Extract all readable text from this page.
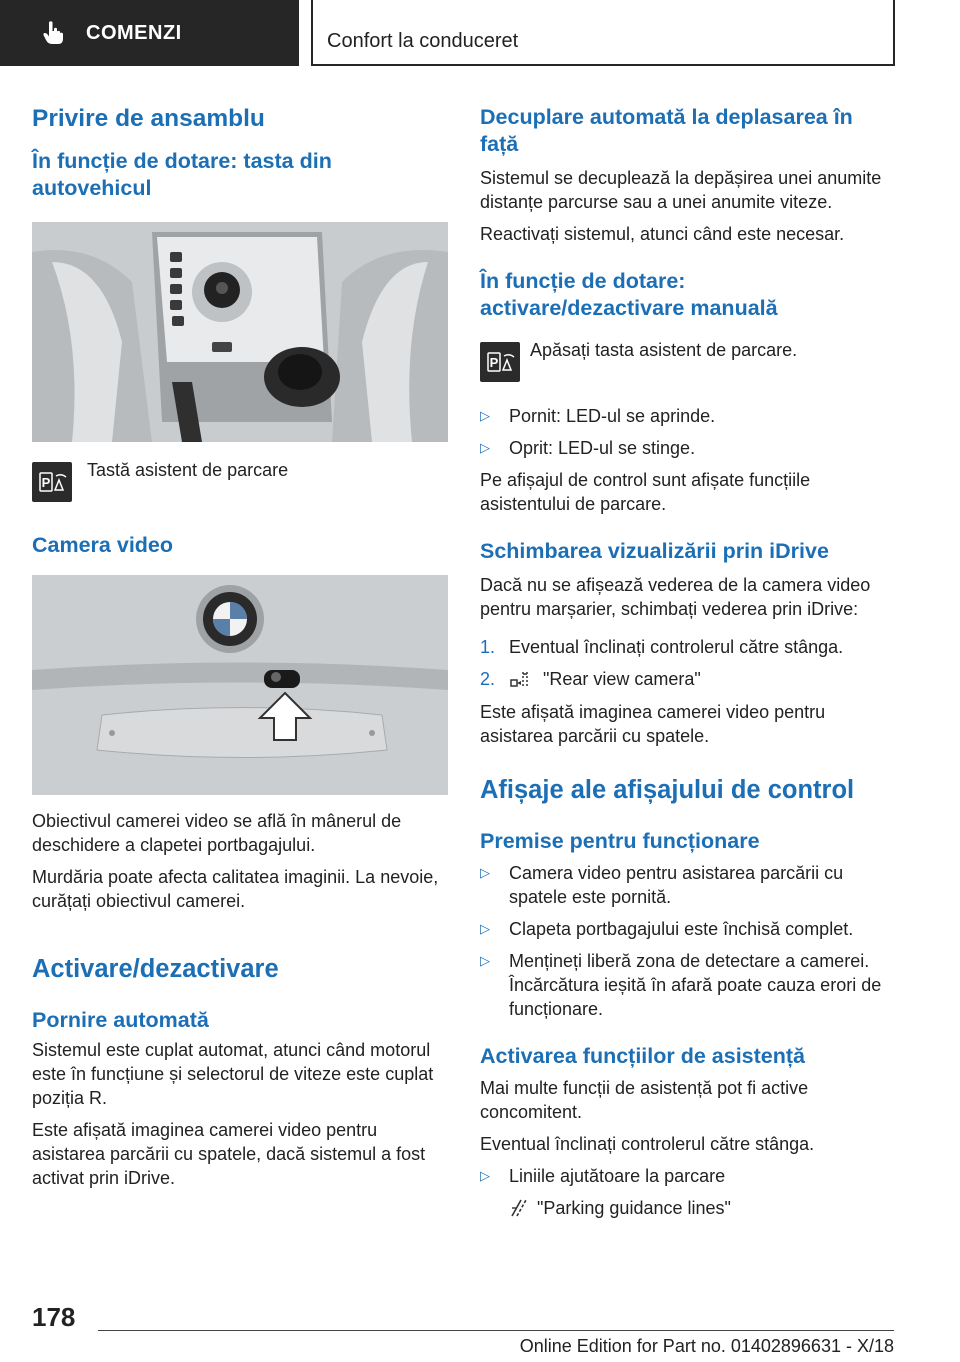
COMENZI	Confort la conduceret
Privire de ansamblu
În funcție de dotare: tasta din autovehicul
P

Tastă asistent de parcare

Camera video

Obiectivul camerei video se află în mânerul de deschidere a clapetei portbagajului.

Murdăria poate afecta calitatea imaginii. La nevoie, curățați obiectivul camerei.

Activare/dezactivare
Pornire automată

Sistemul este cuplat automat, atunci când motorul este în funcțiune și selectorul de viteze este cuplat poziția R.

Este afișată imaginea camerei video pentru asistarea parcării cu spatele, dacă sistemul a fost activat prin iDrive.

Decuplare automată la deplasarea în față

Sistemul se decuplează la depășirea unei anumite distanțe parcurse sau a unei anumite viteze.

Reactivați sistemul, atunci când este necesar.

În funcție de dotare: activare/dezactivare manuală
P

Apăsați tasta asistent de parcare.

▷	Pornit: LED-ul se aprinde.
▷	Oprit: LED-ul se stinge.

Pe afișajul de control sunt afișate funcțiile asistentului de parcare.

Schimbarea vizualizării prin iDrive

Dacă nu se afișează vederea de la camera video pentru marșarier, schimbați vederea prin iDrive:

1. Eventual înclinați controlerul către stânga.
2.	"Rear view camera"

Este afișată imaginea camerei video pentru asistarea parcării cu spatele.

Afișaje ale afișajului de control
Premise pentru funcționare
▷	Camera video pentru asistarea parcării cu spatele este pornită.
▷	Clapeta portbagajului este închisă complet.
▷	Mențineți liberă zona de detectare a camerei. Încărcătura ieșită în afară poate cauza erori de funcționare.
Activarea funcțiilor de asistență

Mai multe funcții de asistență pot fi active concomitent.

Eventual înclinați controlerul către stânga.

▷	Liniile ajutătoare la parcare
"Parking guidance lines"
178
Online Edition for Part no. 01402896631 - X/18
